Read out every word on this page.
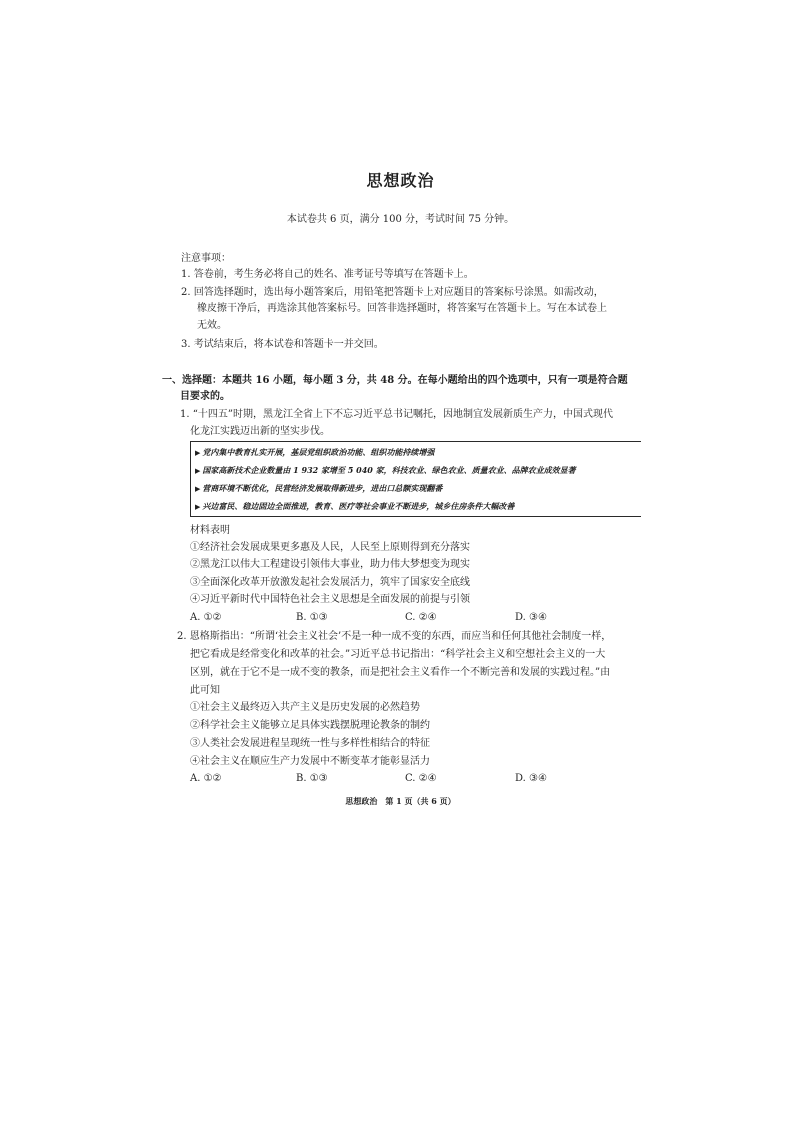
思想政治
本试卷共 6 页，满分 100 分，考试时间 75 分钟。
注意事项：
1. 答卷前，考生务必将自己的姓名、准考证号等填写在答题卡上。
2. 回答选择题时，选出每小题答案后，用铅笔把答题卡上对应题目的答案标号涂黑。如需改动，
橡皮擦干净后，再选涂其他答案标号。回答非选择题时，将答案写在答题卡上。写在本试卷上
无效。
3. 考试结束后，将本试卷和答题卡一并交回。
一、选择题：本题共 16 小题，每小题 3 分，共 48 分。在每小题给出的四个选项中，只有一项是符合题
目要求的。
1. “十四五”时期，黑龙江全省上下不忘习近平总书记嘱托，因地制宜发展新质生产力，中国式现代
化龙江实践迈出新的坚实步伐。
▶ 党内集中教育扎实开展，基层党组织政治功能、组织功能持续增强
▶ 国家高新技术企业数量由 1 932 家增至 5 040 家，科技农业、绿色农业、质量农业、品牌农业成效显著
▶ 营商环境不断优化，民营经济发展取得新进步，进出口总额实现翻番
▶ 兴边富民、稳边固边全面推进，教育、医疗等社会事业不断进步，城乡住房条件大幅改善
材料表明
①经济社会发展成果更多惠及人民，人民至上原则得到充分落实
②黑龙江以伟大工程建设引领伟大事业，助力伟大梦想变为现实
③全面深化改革开放激发起社会发展活力，筑牢了国家安全底线
④习近平新时代中国特色社会主义思想是全面发展的前提与引领
A. ①②	B. ①③	C. ②④	D. ③④
2. 恩格斯指出：“所谓‘社会主义社会’不是一种一成不变的东西，而应当和任何其他社会制度一样，
把它看成是经常变化和改革的社会。”习近平总书记指出：“科学社会主义和空想社会主义的一大
区别，就在于它不是一成不变的教条，而是把社会主义看作一个不断完善和发展的实践过程。”由
此可知
①社会主义最终迈入共产主义是历史发展的必然趋势
②科学社会主义能够立足具体实践摆脱理论教条的制约
③人类社会发展进程呈现统一性与多样性相结合的特征
④社会主义在顺应生产力发展中不断变革才能彰显活力
A. ①②	B. ①③	C. ②④	D. ③④
思想政治　第 1 页（共 6 页）
